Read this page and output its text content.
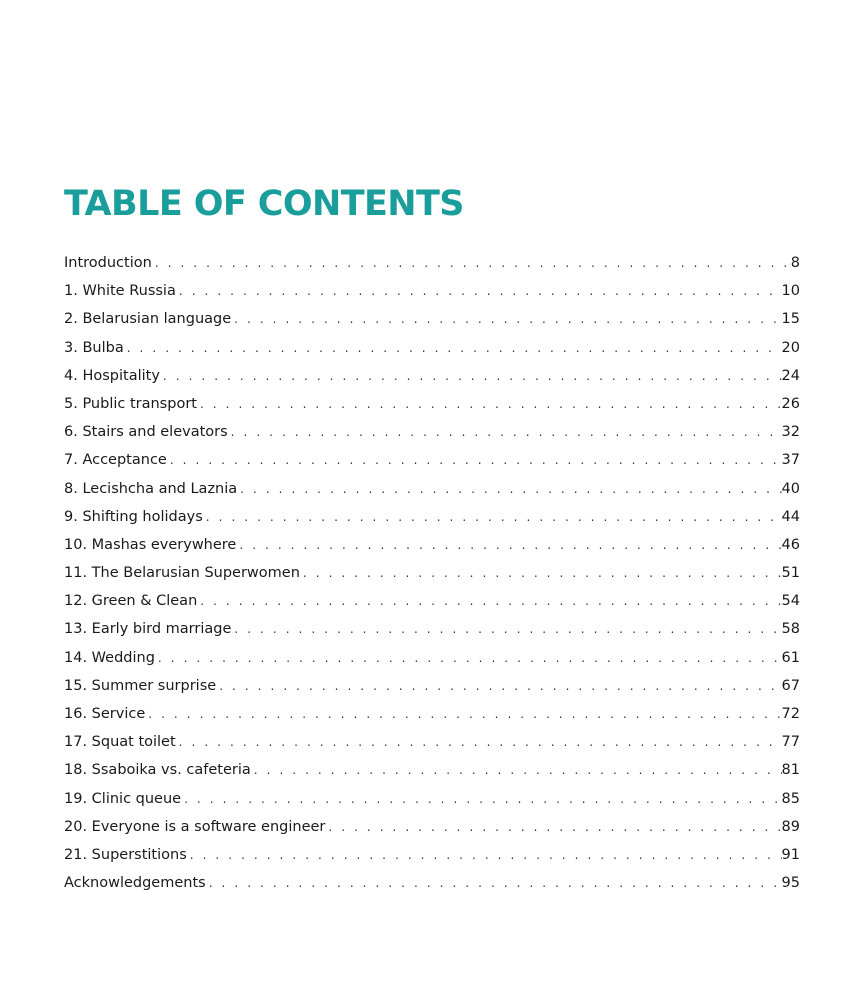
TABLE OF CONTENTS
Introduction . . .	8
1. White Russia . . .	10
2. Belarusian language . . .	15
3. Bulba . . .	20
4. Hospitality . . .	24
5. Public transport . . .	26
6. Stairs and elevators . . .	32
7. Acceptance . . .	37
8. Lecishcha and Laznia . . .	40
9. Shifting holidays . . .	44
10. Mashas everywhere . . .	46
11. The Belarusian Superwomen . . .	51
12. Green & Clean . . .	54
13. Early bird marriage . . .	58
14. Wedding . . .	61
15. Summer surprise . . .	67
16. Service . . .	72
17. Squat toilet . . .	77
18. Ssaboika vs. cafeteria . . .	81
19. Clinic queue . . .	85
20. Everyone is a software engineer . . .	89
21. Superstitions . . .	91
Acknowledgements . . .	95
